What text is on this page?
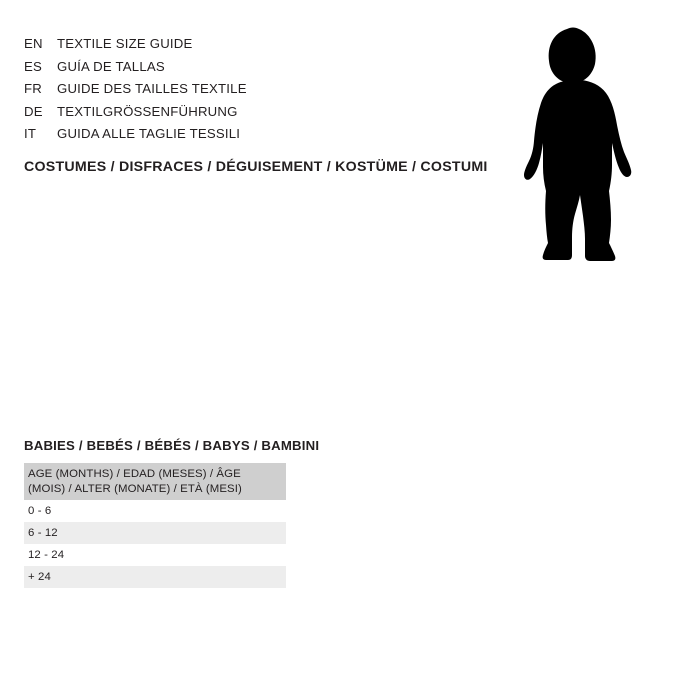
EN	TEXTILE SIZE GUIDE
ES	GUÍA DE TALLAS
FR	GUIDE DES TAILLES TEXTILE
DE	TEXTILGRÖSSENFÜHRUNG
IT	GUIDA ALLE TAGLIE TESSILI
COSTUMES / DISFRACES / DÉGUISEMENT / KOSTÜME / COSTUMI
BABIES / BEBÉS / BÉBÉS / BABYS / BAMBINI
AGE (MONTHS) / EDAD (MESES) / ÂGE (MOIS) / ALTER (MONATE) / ETÀ (MESI)
0 - 6
6 - 12
12 - 24
+ 24
